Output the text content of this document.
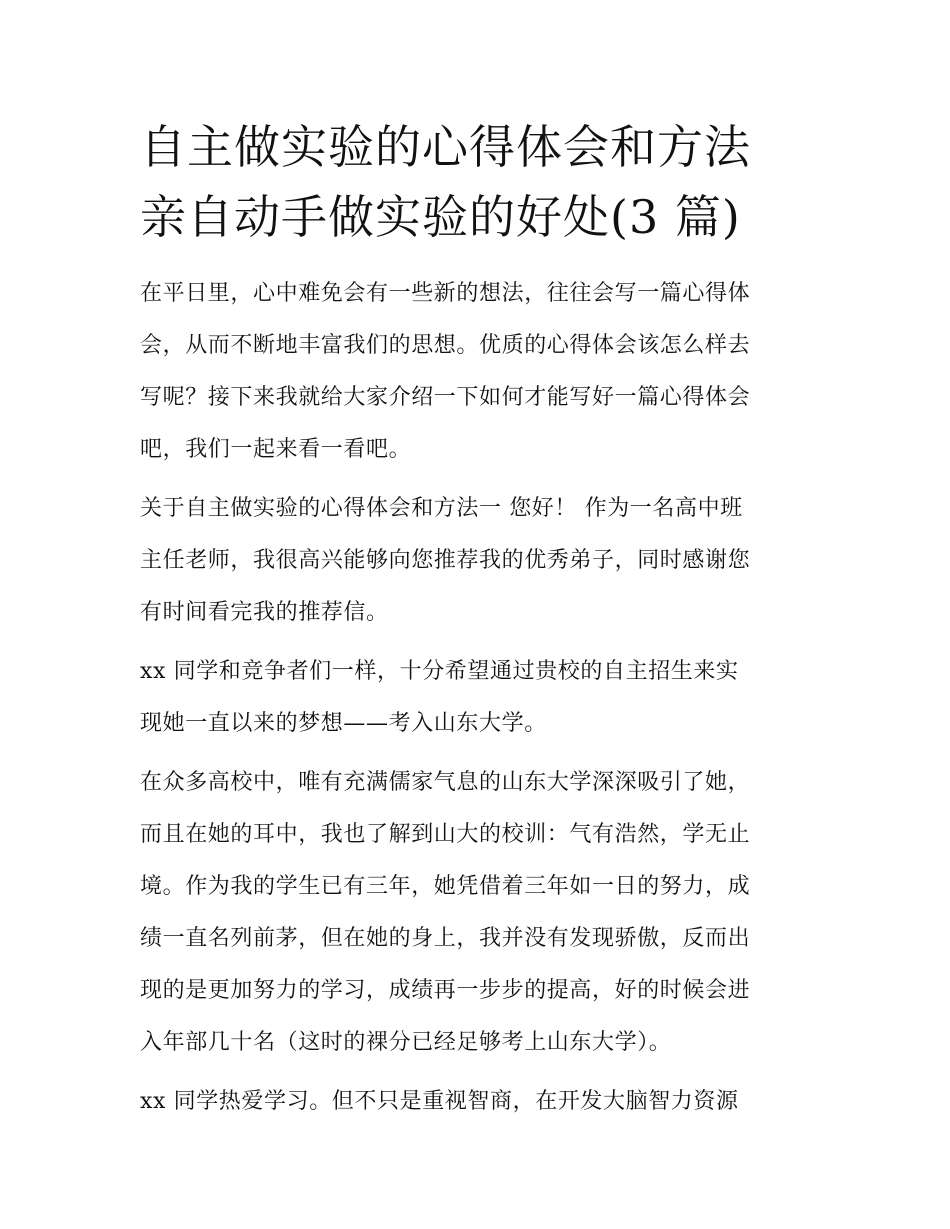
自主做实验的心得体会和方法
亲自动手做实验的好处(3 篇)

在平日里，心中难免会有一些新的想法，往往会写一篇心得体
会，从而不断地丰富我们的思想。优质的心得体会该怎么样去
写呢？接下来我就给大家介绍一下如何才能写好一篇心得体会
吧，我们一起来看一看吧。

关于自主做实验的心得体会和方法一 您好！ 作为一名高中班
主任老师，我很高兴能够向您推荐我的优秀弟子，同时感谢您
有时间看完我的推荐信。

xx 同学和竞争者们一样，十分希望通过贵校的自主招生来实
现她一直以来的梦想——考入山东大学。

在众多高校中，唯有充满儒家气息的山东大学深深吸引了她，
而且在她的耳中，我也了解到山大的校训：气有浩然，学无止
境。作为我的学生已有三年，她凭借着三年如一日的努力，成
绩一直名列前茅，但在她的身上，我并没有发现骄傲，反而出
现的是更加努力的学习，成绩再一步步的提高，好的时候会进
入年部几十名（这时的裸分已经足够考上山东大学）。

xx 同学热爱学习。但不只是重视智商，在开发大脑智力资源
